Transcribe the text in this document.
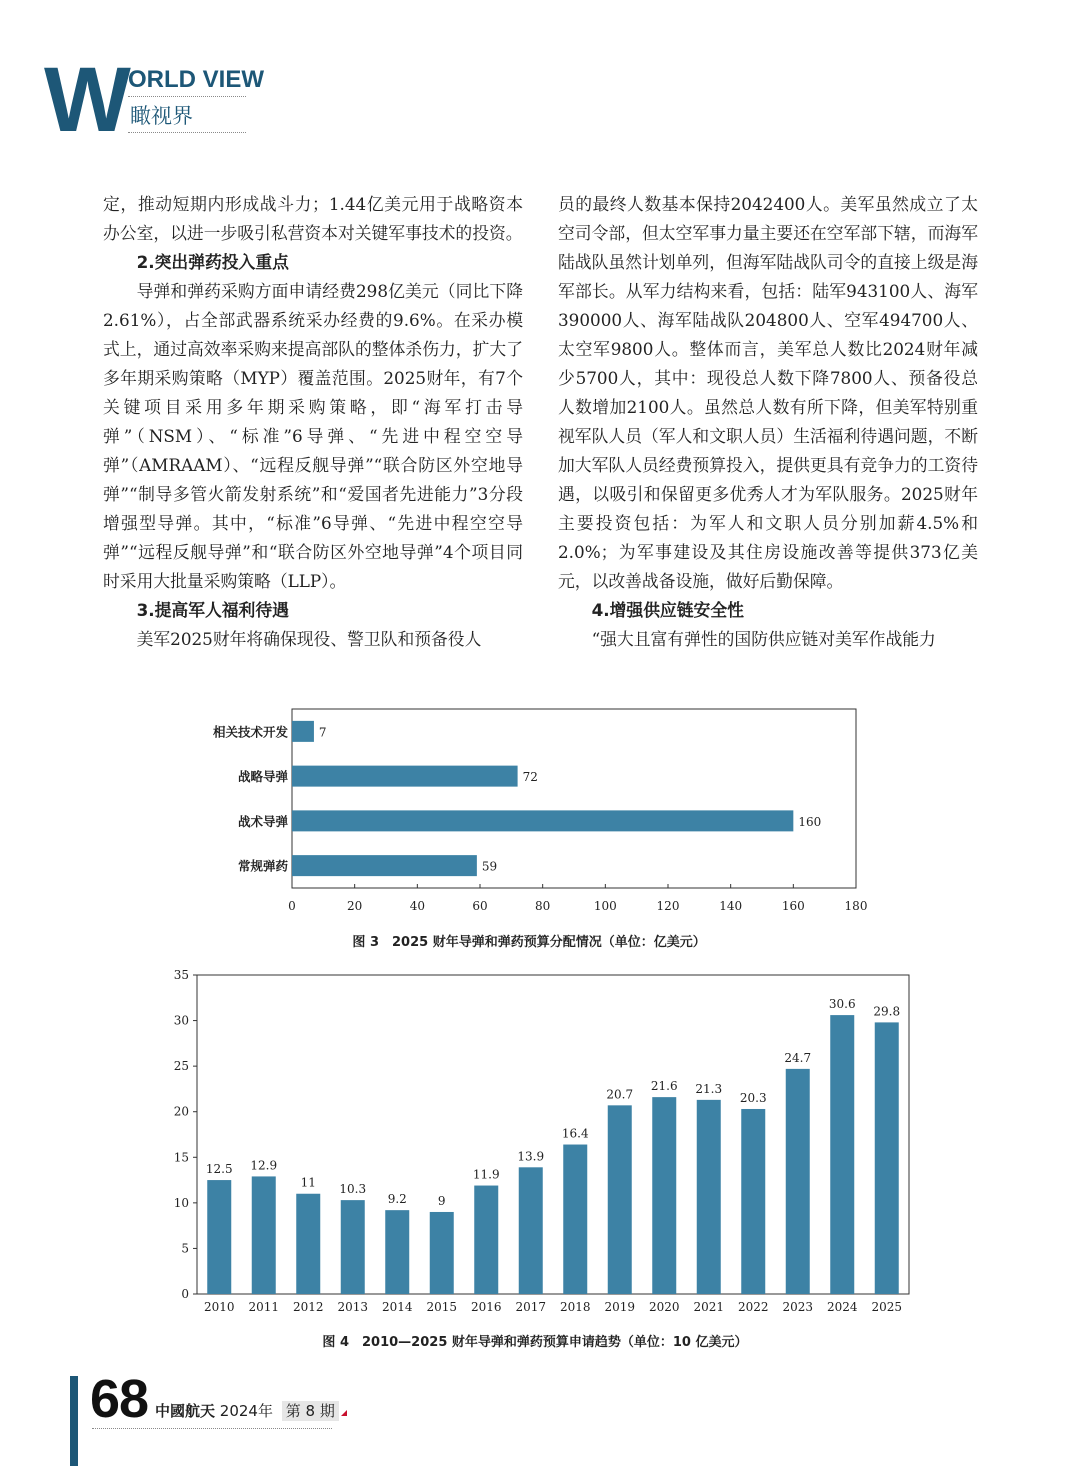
W ORLD VIEW
瞰视界

定，推动短期内形成战斗力；1.44亿美元用于战略资本办公室，以进一步吸引私营资本对关键军事技术的投资。

2.突出弹药投入重点

导弹和弹药采购方面申请经费298亿美元（同比下降2.61%），占全部武器系统采办经费的9.6%。在采办模式上，通过高效率采购来提高部队的整体杀伤力，扩大了多年期采购策略（MYP）覆盖范围。2025财年，有7个关键项目采用多年期采购策略，即“海军打击导弹”（NSM）、“标准”6导弹、“先进中程空空导弹”（AMRAAM）、“远程反舰导弹”“联合防区外空地导弹”“制导多管火箭发射系统”和“爱国者先进能力”3分段增强型导弹。其中，“标准”6导弹、“先进中程空空导弹”“远程反舰导弹”和“联合防区外空地导弹”4个项目同时采用大批量采购策略（LLP）。

3.提高军人福利待遇

美军2025财年将确保现役、警卫队和预备役人

员的最终人数基本保持2042400人。美军虽然成立了太空司令部，但太空军事力量主要还在空军部下辖，而海军陆战队虽然计划单列，但海军陆战队司令的直接上级是海军部长。从军力结构来看，包括：陆军943100人、海军390000人、海军陆战队204800人、空军494700人、太空军9800人。整体而言，美军总人数比2024财年减少5700人，其中：现役总人数下降7800人、预备役总人数增加2100人。虽然总人数有所下降，但美军特别重视军队人员（军人和文职人员）生活福利待遇问题，不断加大军队人员经费预算投入，提供更具有竞争力的工资待遇，以吸引和保留更多优秀人才为军队服务。2025财年主要投资包括：为军人和文职人员分别加薪4.5%和2.0%；为军事建设及其住房设施改善等提供373亿美元，以改善战备设施，做好后勤保障。

4.增强供应链安全性

“强大且富有弹性的国防供应链对美军作战能力

相关技术开发	7
战略导弹	72
战术导弹	160
常规弹药	59
0	20	40	60	80	100	120	140	160	180
图 3 2025 财年导弹和弹药预算分配情况（单位：亿美元）
0
5
10
15
20
25
30
35
12.5
2010
12.9
2011
11
2012
10.3
2013
9.2
2014
9
2015
11.9
2016
13.9
2017
16.4
2018
20.7
2019
21.6
2020
21.3
2021
20.3
2022
24.7
2023
30.6
2024
29.8
2025
图 4 2010—2025 财年导弹和弹药预算申请趋势（单位：10 亿美元）
68 中國航天 2024年 第 8 期
